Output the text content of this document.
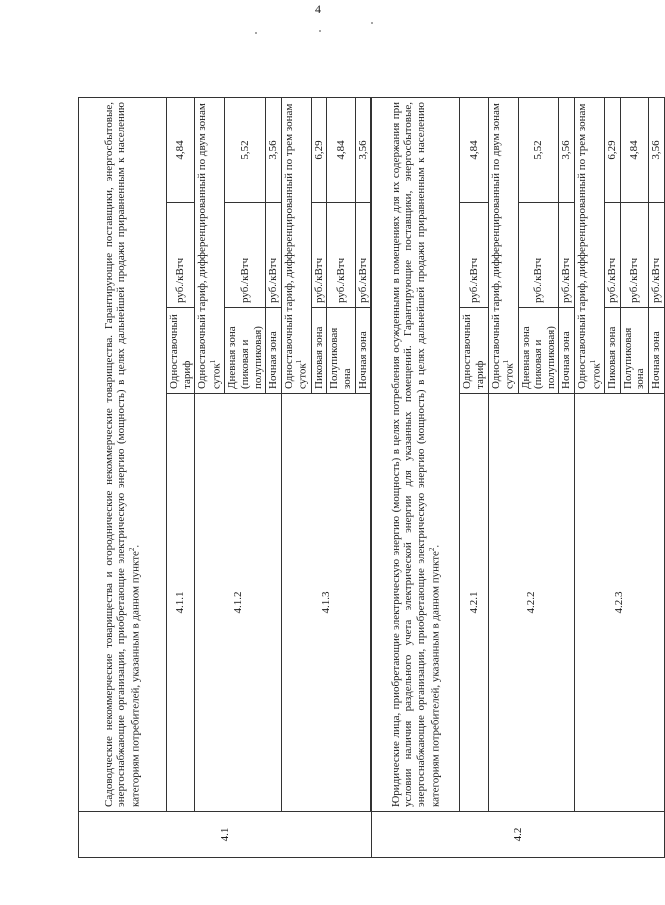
4
4.1	Садоводческие некоммерческие товарищества и огороднические некоммерческие товарищества. Гарантирующие поставщики, энергосбытовые, энергоснабжающие организации, приобретающие электрическую энергию (мощность) в целях дальнейшей продажи приравненным к населению категориям потребителей, указанным в данном пункте$^2$.				
	4.1.1	Одноставочный тариф	руб./кВтч	4,84	
	4.1.2	Одноставочный тариф, дифференцированный по двум зонам суток$^1$
		Дневная зона (пиковая и полупиковая)	руб./кВтч	5,52	
		Ночная зона	руб./кВтч	3,56	
	4.1.3	Одноставочный тариф, дифференцированный по трем зонам суток$^1$
		Пиковая зона	руб./кВтч	6,29	
		Полупиковая зона	руб./кВтч	4,84	
		Ночная зона	руб./кВтч	3,56	

4.2	Юридические лица, приобретающие электрическую энергию (мощность) в целях потребления осужденными в помещениях для их содержания при условии наличия раздельного учета электрической энергии для указанных помещений. Гарантирующие поставщики, энергосбытовые, энергоснабжающие организации, приобретающие электрическую энергию (мощность) в целях дальнейшей продажи приравненным к населению категориям потребителей, указанным в данном пункте$^2$.				
	4.2.1	Одноставочный тариф	руб./кВтч	4,84	
	4.2.2	Одноставочный тариф, дифференцированный по двум зонам суток$^1$
		Дневная зона (пиковая и полупиковая)	руб./кВтч	5,52	
		Ночная зона	руб./кВтч	3,56	
	4.2.3	Одноставочный тариф, дифференцированный по трем зонам суток$^1$
		Пиковая зона	руб./кВтч	6,29	
		Полупиковая зона	руб./кВтч	4,84	
		Ночная зона	руб./кВтч	3,56	
